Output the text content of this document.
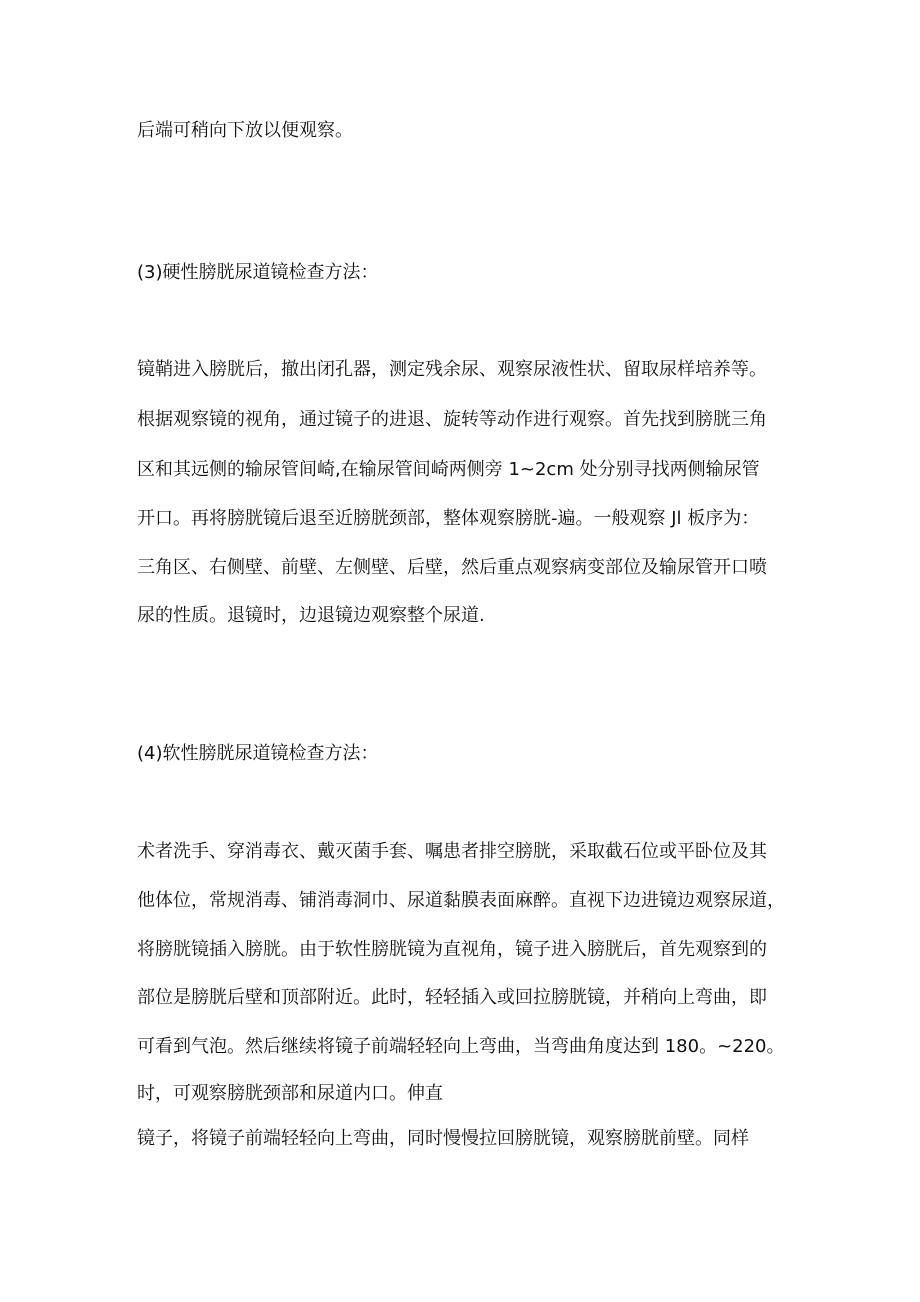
后端可稍向下放以便观察。
(3)硬性膀胱尿道镜检查方法：
镜鞘进入膀胱后，撤出闭孔器，测定残余尿、观察尿液性状、留取尿样培养等。
根据观察镜的视角，通过镜子的进退、旋转等动作进行观察。首先找到膀胱三角
区和其远侧的输尿管间崎,在输尿管间崎两侧旁 1~2cm 处分别寻找两侧输尿管
开口。再将膀胱镜后退至近膀胱颈部，整体观察膀胱-遍。一般观察 Jl 板序为：
三角区、右侧壁、前壁、左侧壁、后壁，然后重点观察病变部位及输尿管开口喷
尿的性质。退镜时，边退镜边观察整个尿道.
(4)软性膀胱尿道镜检查方法：
术者洗手、穿消毒衣、戴灭菌手套、嘱患者排空膀胱，采取截石位或平卧位及其
他体位，常规消毒、铺消毒洞巾、尿道黏膜表面麻醉。直视下边进镜边观察尿道，
将膀胱镜插入膀胱。由于软性膀胱镜为直视角，镜子进入膀胱后，首先观察到的
部位是膀胱后壁和顶部附近。此时，轻轻插入或回拉膀胱镜，并稍向上弯曲，即
可看到气泡。然后继续将镜子前端轻轻向上弯曲，当弯曲角度达到 180。~220。
时，可观察膀胱颈部和尿道内口。伸直
镜子，将镜子前端轻轻向上弯曲，同时慢慢拉回膀胱镜，观察膀胱前壁。同样
